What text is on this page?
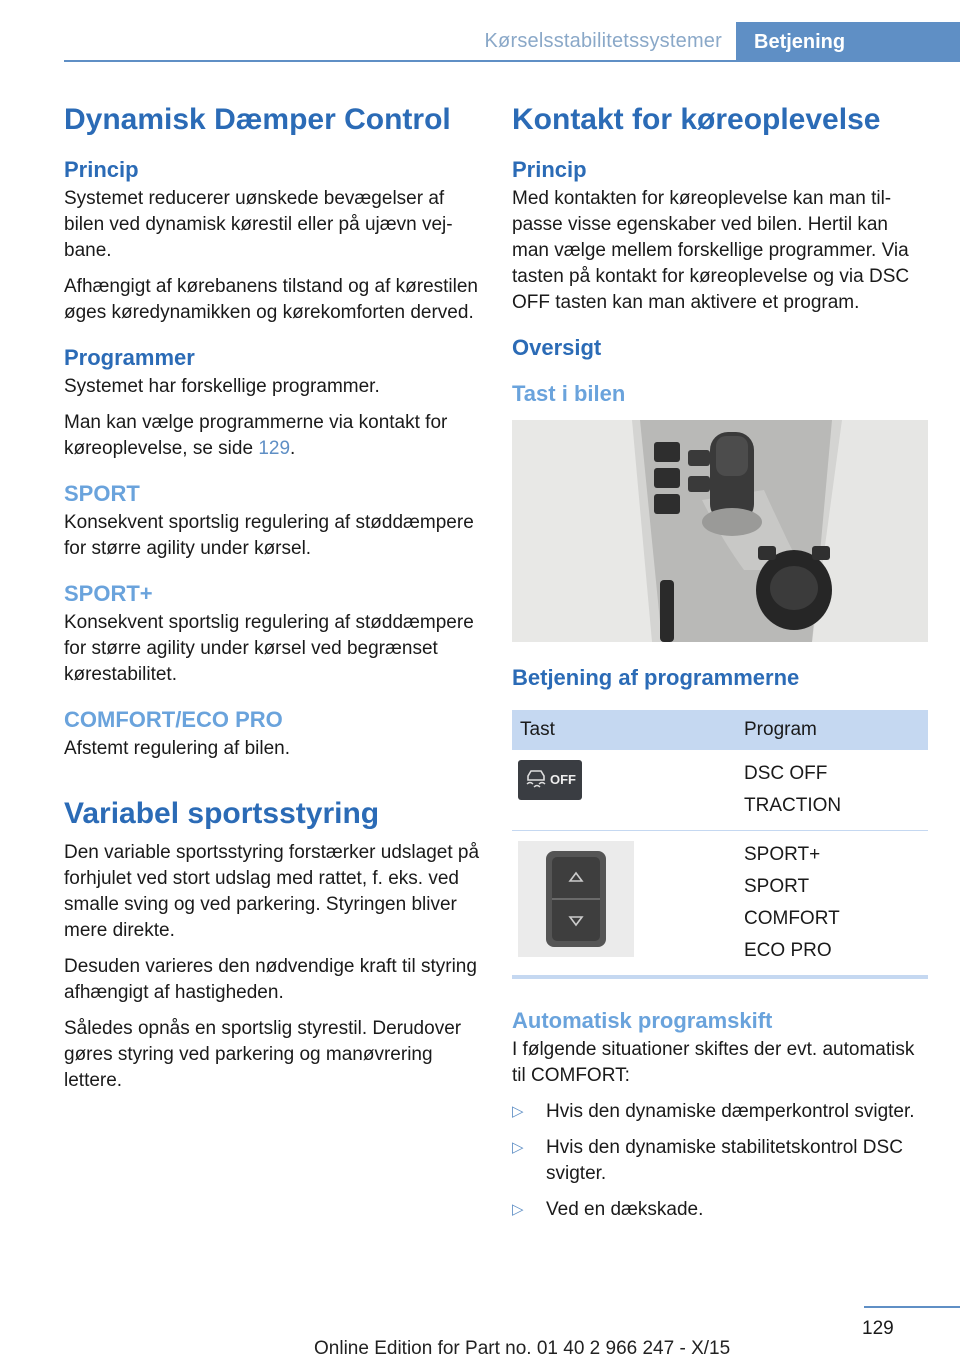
Kørselsstabilitetssystemer	Betjening
Dynamisk Dæmper Control
Princip

Systemet reducerer uønskede bevægelser af bilen ved dynamisk kørestil eller på ujævn vejbane.

Afhængigt af kørebanens tilstand og af kørestilen øges køredynamikken og kørekomforten derved.

Programmer

Systemet har forskellige programmer.

Man kan vælge programmerne via kontakt for køreoplevelse, se side 129.

SPORT

Konsekvent sportslig regulering af støddæmpere for større agility under kørsel.

SPORT+

Konsekvent sportslig regulering af støddæmpere for større agility under kørsel ved begrænset kørestabilitet.

COMFORT/ECO PRO

Afstemt regulering af bilen.

Variabel sportsstyring

Den variable sportsstyring forstærker udslaget på forhjulet ved stort udslag med rattet, f. eks. ved smalle sving og ved parkering. Styringen bliver mere direkte.

Desuden varieres den nødvendige kraft til styring afhængigt af hastigheden.

Således opnås en sportslig styrestil. Derudover gøres styring ved parkering og manøvrering lettere.

Kontakt for køreoplevelse
Princip

Med kontakten for køreoplevelse kan man tilpasse visse egenskaber ved bilen. Hertil kan man vælge mellem forskellige programmer. Via tasten på kontakt for køreoplevelse og via DSC OFF tasten kan man aktivere et program.

Oversigt
Tast i bilen
Betjening af programmerne
Tast	Program

OFF	DSC OFF
TRACTION

SPORT+
SPORT
COMFORT
ECO PRO
Automatisk programskift

I følgende situationer skiftes der evt. automatisk til COMFORT:

▷ Hvis den dynamiske dæmperkontrol svigter.
▷ Hvis den dynamiske stabilitetskontrol DSC svigter.
▷ Ved en dækskade.
129
Online Edition for Part no. 01 40 2 966 247 - X/15
